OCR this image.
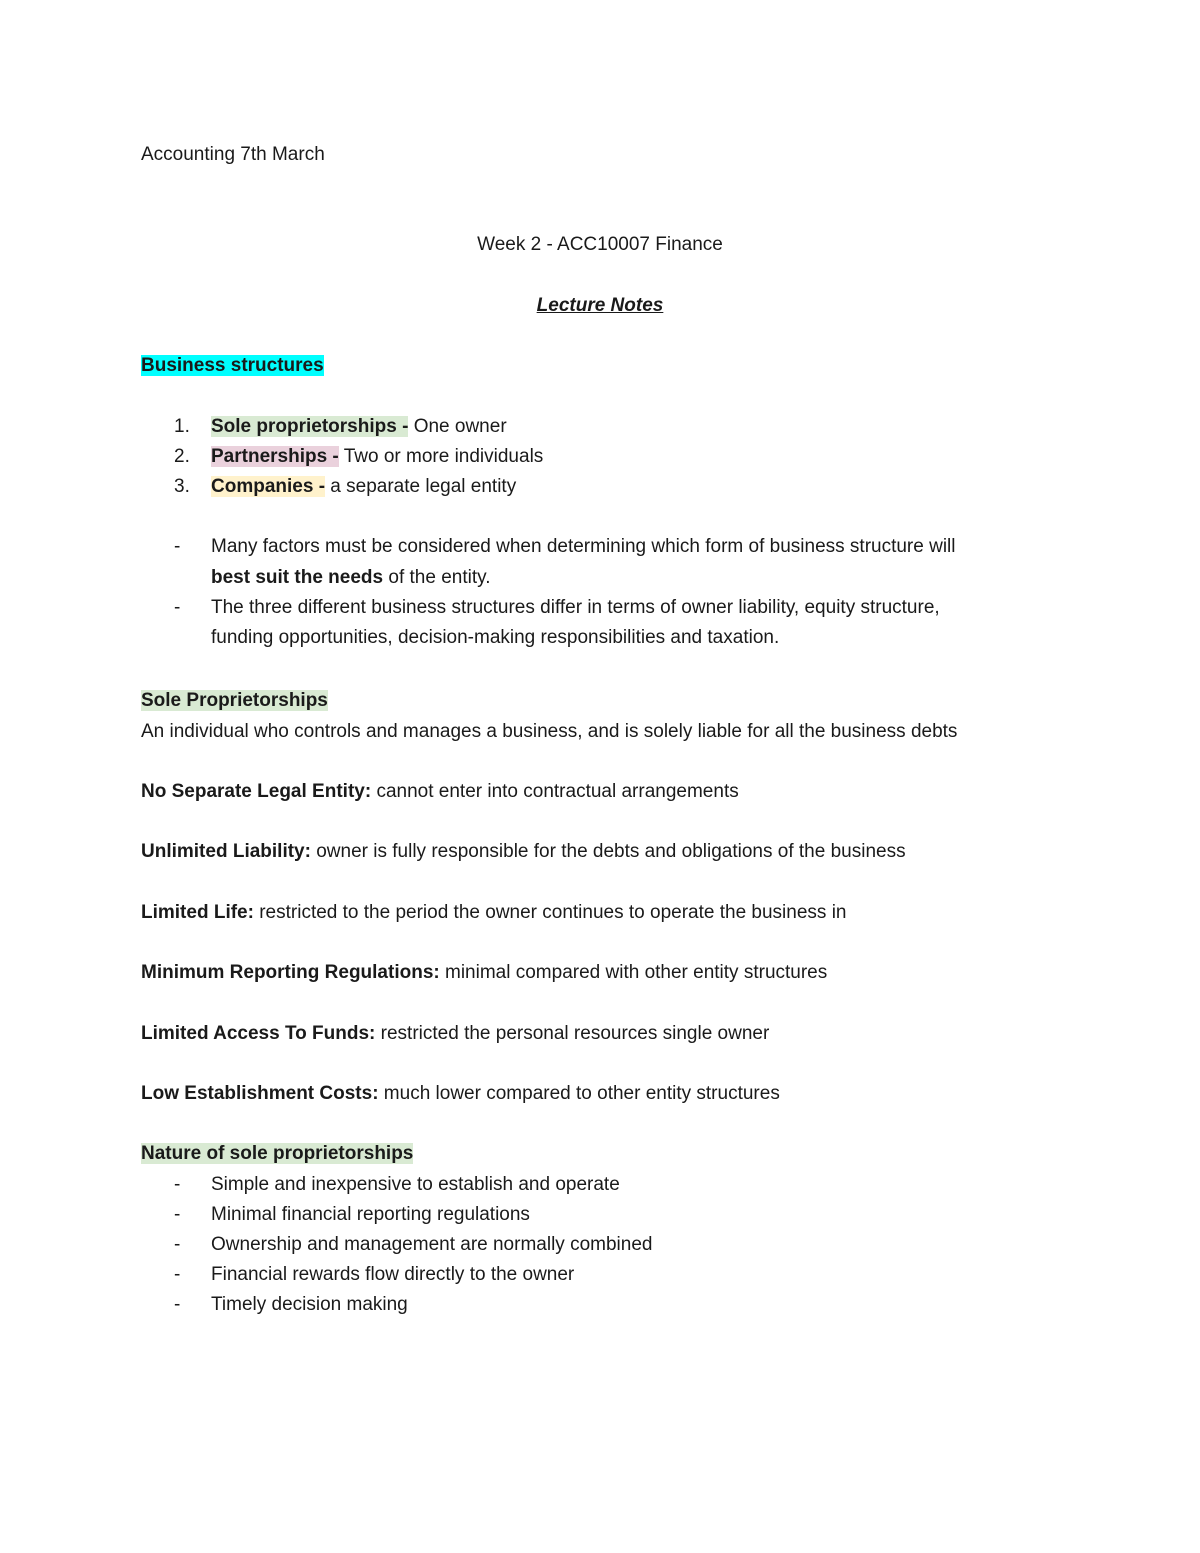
Accounting 7th March
Week 2 - ACC10007 Finance
Lecture Notes
Business structures
1. Sole proprietorships - One owner
2. Partnerships - Two or more individuals
3. Companies - a separate legal entity
- Many factors must be considered when determining which form of business structure will
best suit the needs of the entity.
- The three different business structures differ in terms of owner liability, equity structure,
funding opportunities, decision-making responsibilities and taxation.
Sole Proprietorships
An individual who controls and manages a business, and is solely liable for all the business debts
No Separate Legal Entity: cannot enter into contractual arrangements
Unlimited Liability: owner is fully responsible for the debts and obligations of the business
Limited Life: restricted to the period the owner continues to operate the business in
Minimum Reporting Regulations: minimal compared with other entity structures
Limited Access To Funds: restricted the personal resources single owner
Low Establishment Costs: much lower compared to other entity structures
Nature of sole proprietorships
- Simple and inexpensive to establish and operate
- Minimal financial reporting regulations
- Ownership and management are normally combined
- Financial rewards flow directly to the owner
- Timely decision making
